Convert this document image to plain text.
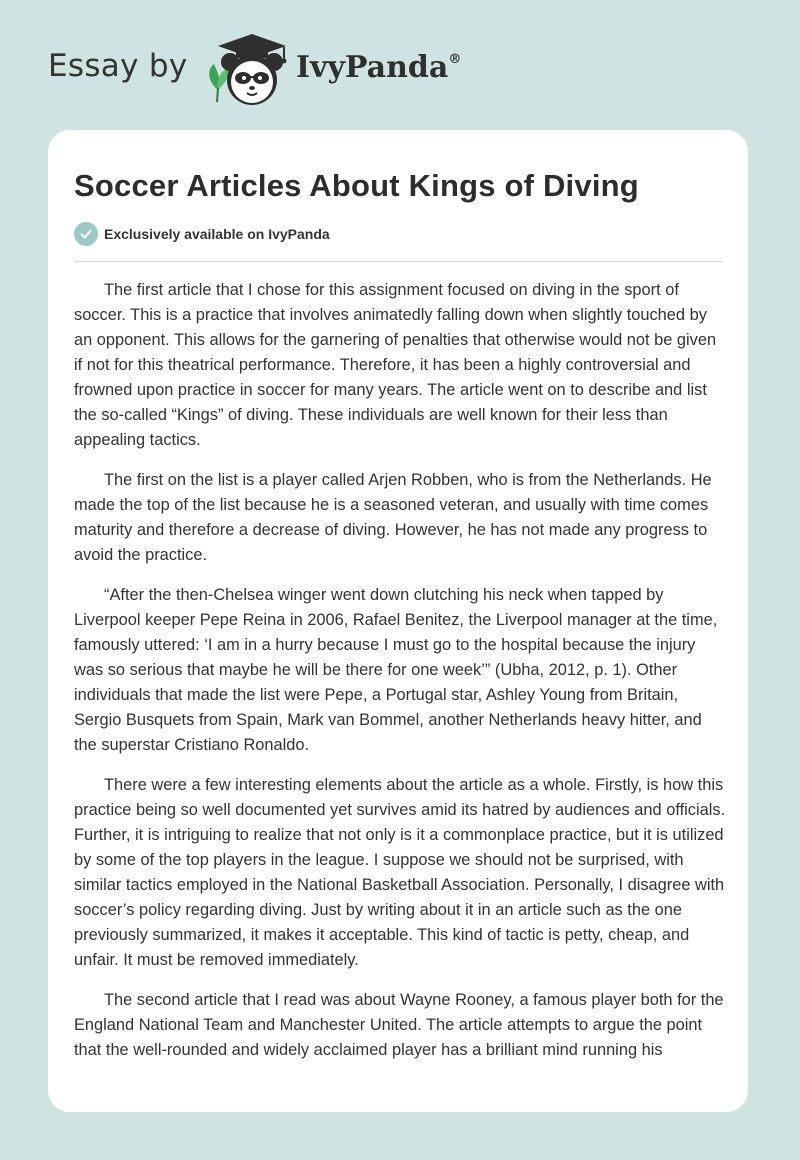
Essay by	IvyPanda®
Soccer Articles About Kings of Diving
Exclusively available on IvyPanda

The first article that I chose for this assignment focused on diving in the sport of soccer. This is a practice that involves animatedly falling down when slightly touched by an opponent. This allows for the garnering of penalties that otherwise would not be given if not for this theatrical performance. Therefore, it has been a highly controversial and frowned upon practice in soccer for many years. The article went on to describe and list the so-called “Kings” of diving. These individuals are well known for their less than appealing tactics.

The first on the list is a player called Arjen Robben, who is from the Netherlands. He made the top of the list because he is a seasoned veteran, and usually with time comes maturity and therefore a decrease of diving. However, he has not made any progress to avoid the practice.

“After the then-Chelsea winger went down clutching his neck when tapped by Liverpool keeper Pepe Reina in 2006, Rafael Benitez, the Liverpool manager at the time, famously uttered: ‘I am in a hurry because I must go to the hospital because the injury was so serious that maybe he will be there for one week’” (Ubha, 2012, p. 1). Other individuals that made the list were Pepe, a Portugal star, Ashley Young from Britain, Sergio Busquets from Spain, Mark van Bommel, another Netherlands heavy hitter, and the superstar Cristiano Ronaldo.

There were a few interesting elements about the article as a whole. Firstly, is how this practice being so well documented yet survives amid its hatred by audiences and officials. Further, it is intriguing to realize that not only is it a commonplace practice, but it is utilized by some of the top players in the league. I suppose we should not be surprised, with similar tactics employed in the National Basketball Association. Personally, I disagree with soccer’s policy regarding diving. Just by writing about it in an article such as the one previously summarized, it makes it acceptable. This kind of tactic is petty, cheap, and unfair. It must be removed immediately.

The second article that I read was about Wayne Rooney, a famous player both for the England National Team and Manchester United. The article attempts to argue the point that the well-rounded and widely acclaimed player has a brilliant mind running his
